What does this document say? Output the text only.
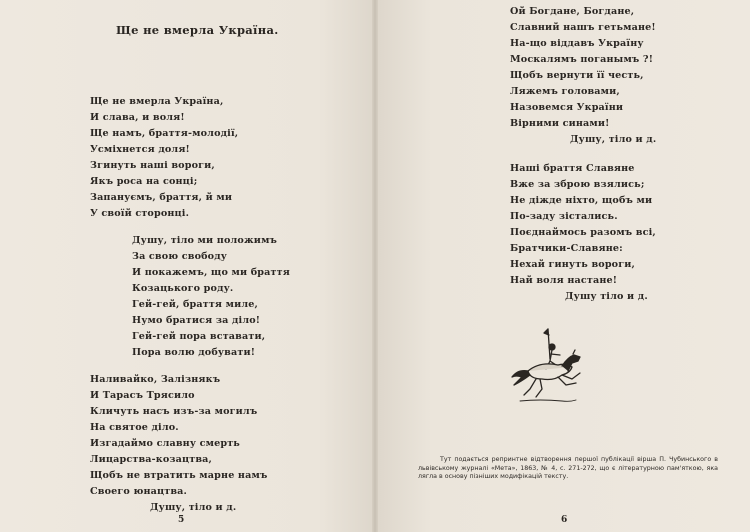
Ще не вмерла Україна.
Ще не вмерла Україна,
И слава, и воля!
Ще намъ, браття-молодії,
Усміхнется доля!
Згинуть наші вороги,
Якъ роса на сонці;
Запануємъ, браття, й ми
У своїй сторонці.
Душу, тіло ми положимъ
За свою свободу
И покажемъ, що ми браття
Козацького роду.
Гей-гей, браття миле,
Нумо братися за діло!
Гей-гей пора вставати,
Пора волю добувати!
Наливайко, Залізнякъ
И Тарасъ Трясило
Кличуть насъ изъ-за могилъ
На святое діло.
Изгадаймо славну смерть
Лицарства-козацтва,
Щобъ не втратить марне намъ
Своего юнацтва.
Душу, тіло и д.
5
Ой Богдане, Богдане,
Славний нашъ гетьмане!
На-що віддавъ Україну
Москалямъ поганымъ ?!
Щобъ вернути її честь,
Ляжемъ головами,
Назовемся України
Вірними синами!
Душу, тіло и д.
Наші браття Славяне
Вже за зброю взялись;
Не діжде ніхто, щобъ ми
По-заду зістались.
Поєднаймось разомъ всі,
Братчики-Славяне:
Нехай гинуть вороги,
Най воля настане!
Душу тіло и д.
6
Тут подається репринтне відтворення першої публікації вірша П. Чубинського в львівському журналі «Мета», 1863, № 4, с. 271-272, що є літературною пам'яткою, яка лягла в основу пізніших модифікацій тексту.
